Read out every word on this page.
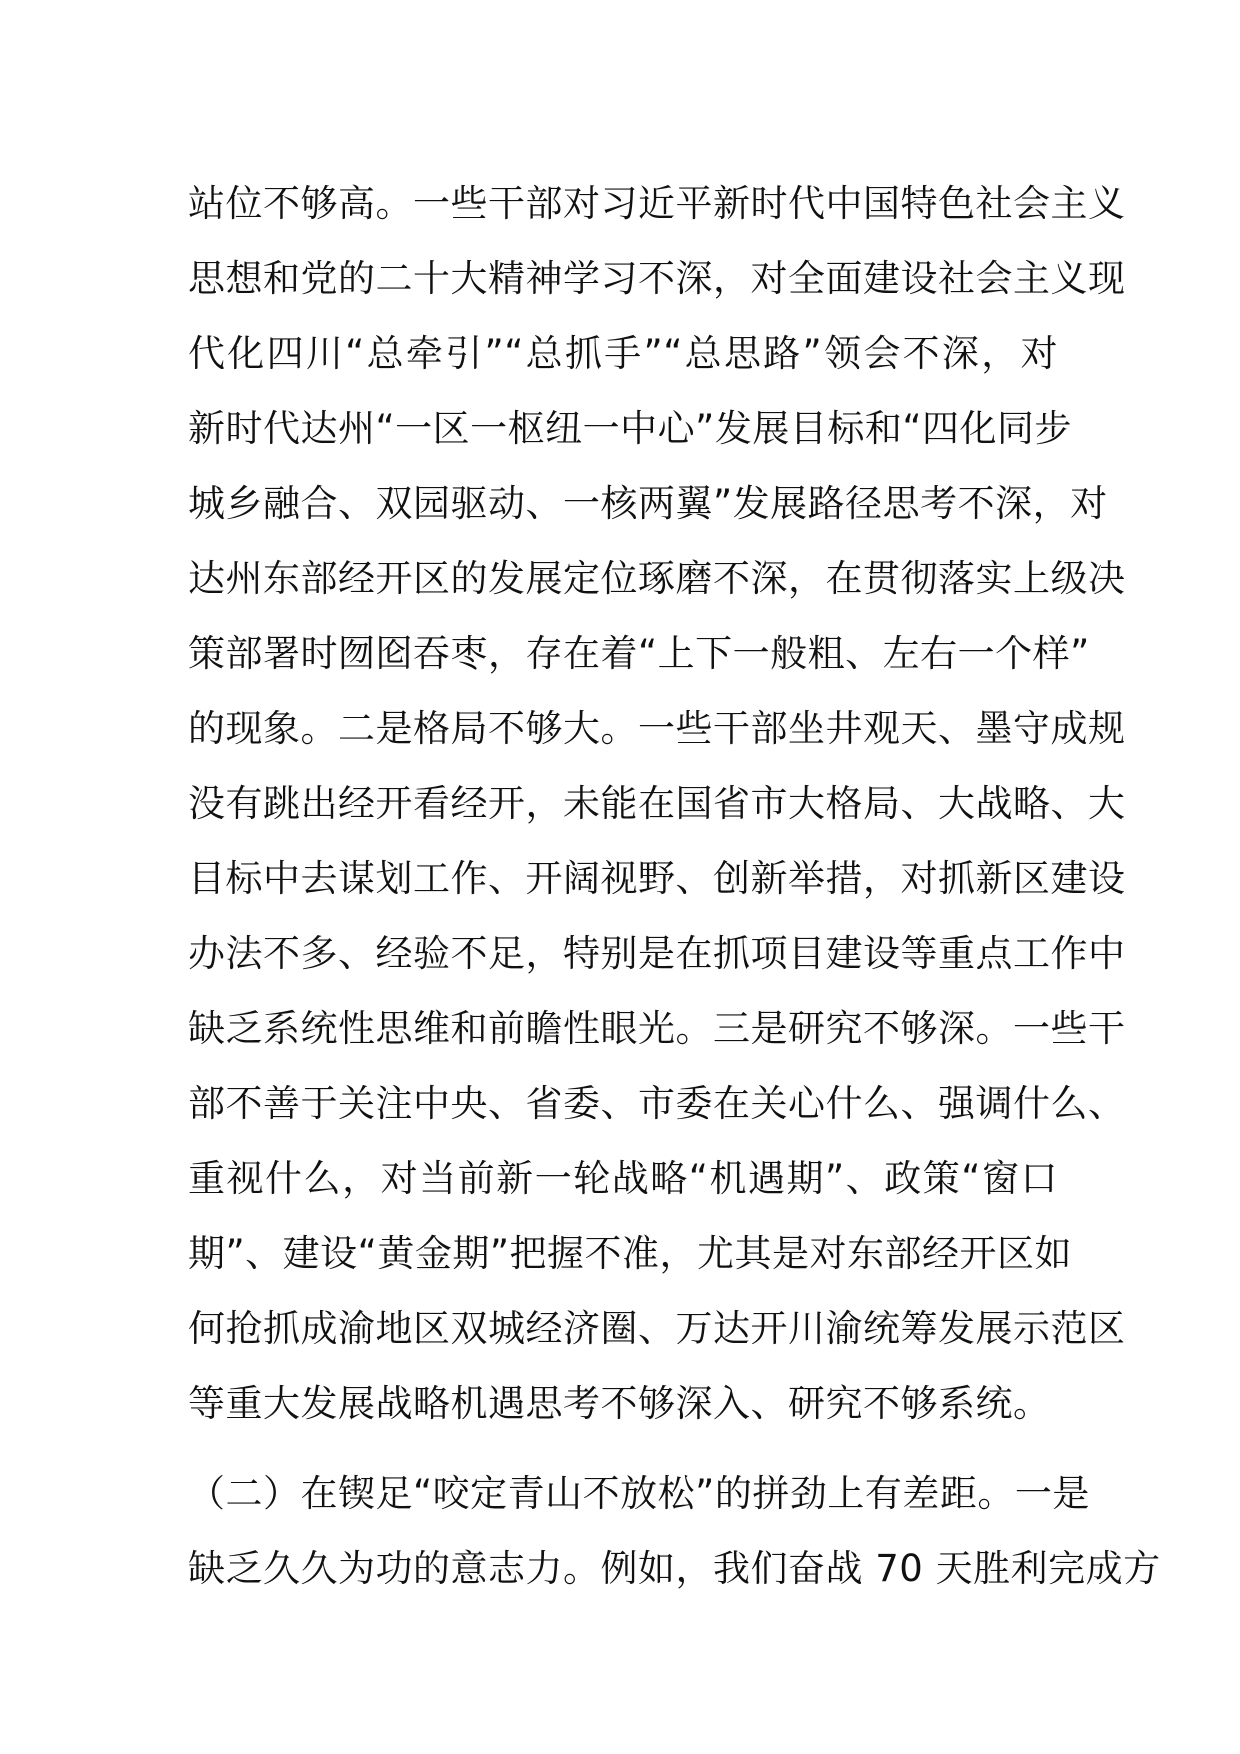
站位不够高。一些干部对习近平新时代中国特色社会主义
思想和党的二十大精神学习不深，对全面建设社会主义现
代化四川“总牵引”“总抓手”“总思路”领会不深，对
新时代达州“一区一枢纽一中心”发展目标和“四化同步
城乡融合、双园驱动、一核两翼”发展路径思考不深，对
达州东部经开区的发展定位琢磨不深，在贯彻落实上级决
策部署时囫囵吞枣，存在着“上下一般粗、左右一个样”
的现象。二是格局不够大。一些干部坐井观天、墨守成规
没有跳出经开看经开，未能在国省市大格局、大战略、大
目标中去谋划工作、开阔视野、创新举措，对抓新区建设
办法不多、经验不足，特别是在抓项目建设等重点工作中
缺乏系统性思维和前瞻性眼光。三是研究不够深。一些干
部不善于关注中央、省委、市委在关心什么、强调什么、
重视什么，对当前新一轮战略“机遇期”、政策“窗口
期”、建设“黄金期”把握不准，尤其是对东部经开区如
何抢抓成渝地区双城经济圈、万达开川渝统筹发展示范区
等重大发展战略机遇思考不够深入、研究不够系统。
（二）在锲足“咬定青山不放松”的拼劲上有差距。一是
缺乏久久为功的意志力。例如，我们奋战 70 天胜利完成方
